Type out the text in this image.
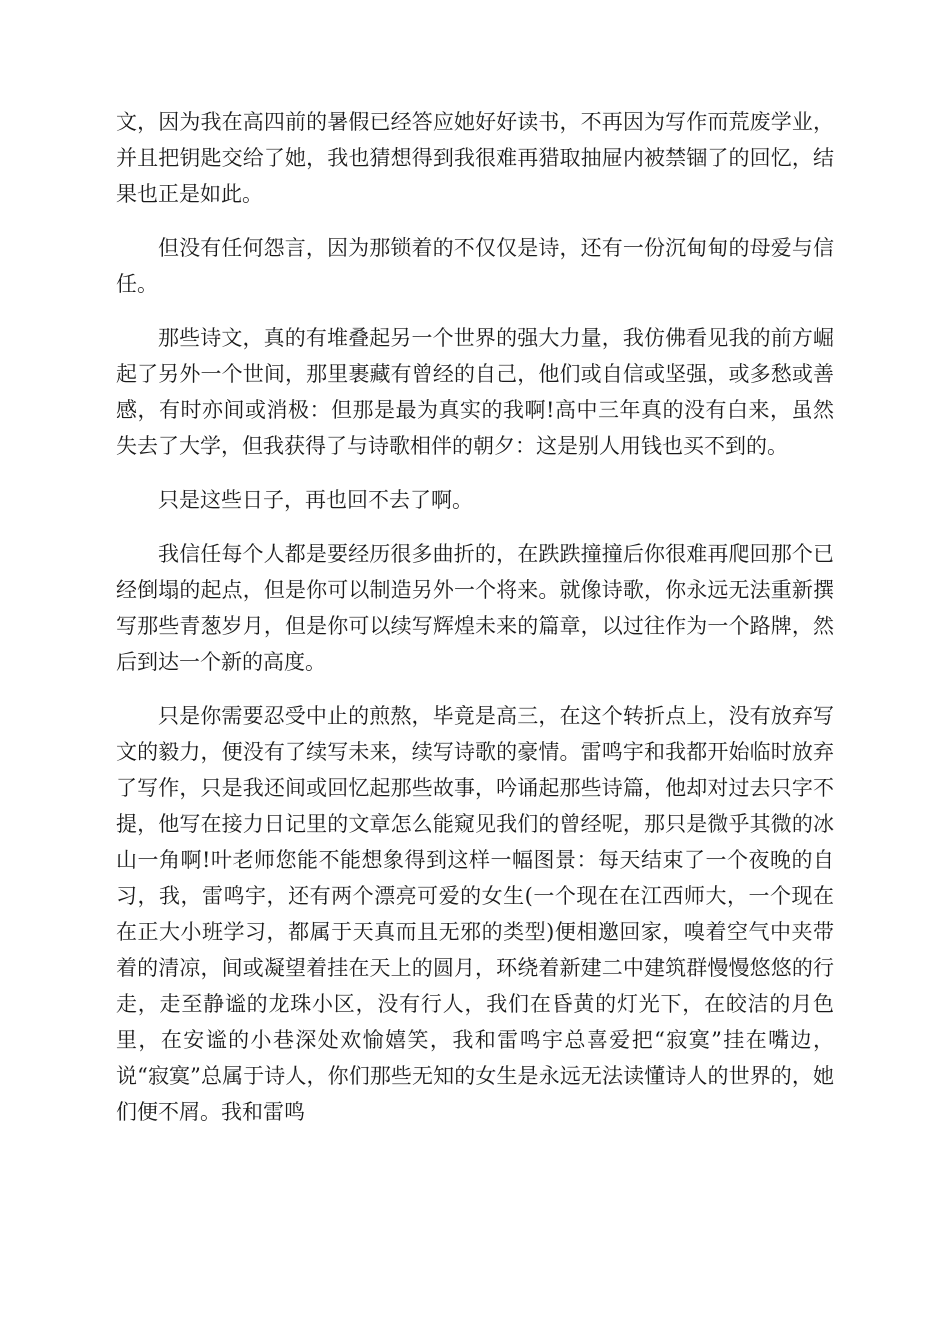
文，因为我在高四前的暑假已经答应她好好读书，不再因为写作而荒废学业，并且把钥匙交给了她，我也猜想得到我很难再猎取抽屉内被禁锢了的回忆，结果也正是如此。

但没有任何怨言，因为那锁着的不仅仅是诗，还有一份沉甸甸的母爱与信任。

那些诗文，真的有堆叠起另一个世界的强大力量，我仿佛看见我的前方崛起了另外一个世间，那里裹藏有曾经的自己，他们或自信或坚强，或多愁或善感，有时亦间或消极：但那是最为真实的我啊!高中三年真的没有白来，虽然失去了大学，但我获得了与诗歌相伴的朝夕：这是别人用钱也买不到的。

只是这些日子，再也回不去了啊。

我信任每个人都是要经历很多曲折的，在跌跌撞撞后你很难再爬回那个已经倒塌的起点，但是你可以制造另外一个将来。就像诗歌，你永远无法重新撰写那些青葱岁月，但是你可以续写辉煌未来的篇章，以过往作为一个路牌，然后到达一个新的高度。

只是你需要忍受中止的煎熬，毕竟是高三，在这个转折点上，没有放弃写文的毅力，便没有了续写未来，续写诗歌的豪情。雷鸣宇和我都开始临时放弃了写作，只是我还间或回忆起那些故事，吟诵起那些诗篇，他却对过去只字不提，他写在接力日记里的文章怎么能窥见我们的曾经呢，那只是微乎其微的冰山一角啊!叶老师您能不能想象得到这样一幅图景：每天结束了一个夜晚的自习，我，雷鸣宇，还有两个漂亮可爱的女生(一个现在在江西师大，一个现在在正大小班学习，都属于天真而且无邪的类型)便相邀回家，嗅着空气中夹带着的清凉，间或凝望着挂在天上的圆月，环绕着新建二中建筑群慢慢悠悠的行走，走至静谧的龙珠小区，没有行人，我们在昏黄的灯光下，在皎洁的月色里，在安谧的小巷深处欢愉嬉笑，我和雷鸣宇总喜爱把“寂寞”挂在嘴边，说“寂寞”总属于诗人，你们那些无知的女生是永远无法读懂诗人的世界的，她们便不屑。我和雷鸣
